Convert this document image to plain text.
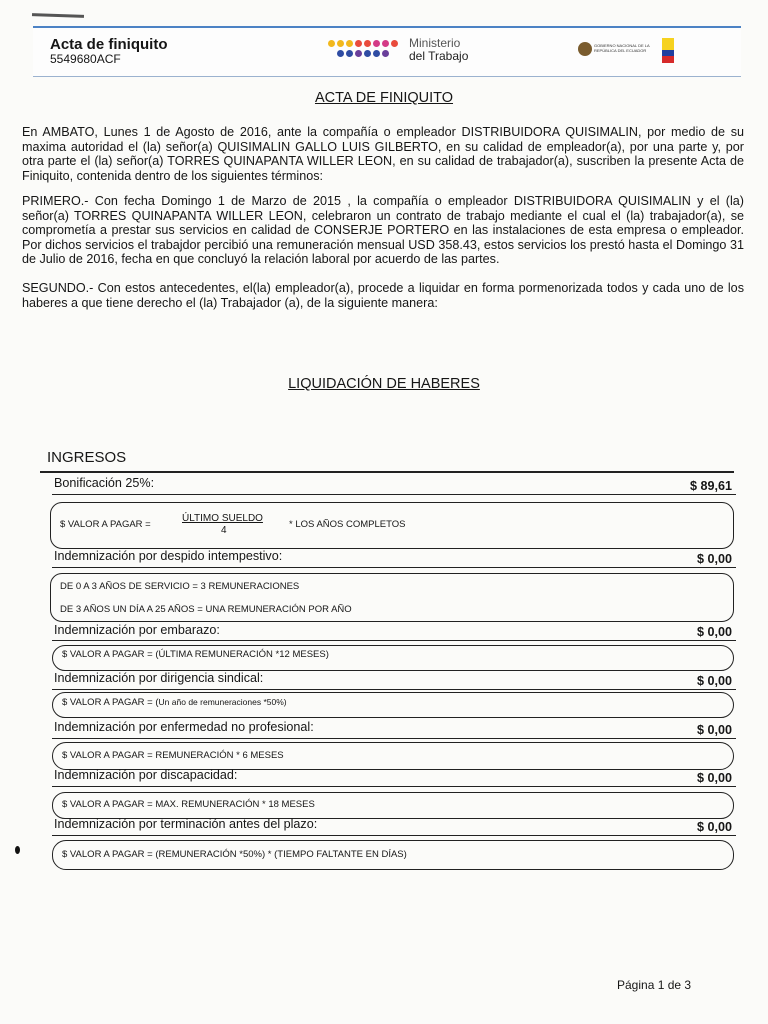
Acta de finiquito
5549680ACF
Ministerio
del Trabajo
GOBIERNO NACIONAL DE LA REPÚBLICA DEL ECUADOR
ACTA DE FINIQUITO
En AMBATO, Lunes 1 de Agosto de 2016, ante la compañía o empleador DISTRIBUIDORA QUISIMALIN, por medio de su maxima autoridad el (la) señor(a) QUISIMALIN GALLO LUIS GILBERTO, en su calidad de empleador(a), por una parte y, por otra parte el (la) señor(a) TORRES QUINAPANTA WILLER LEON, en su calidad de trabajador(a), suscriben la presente Acta de Finiquito, contenida dentro de los siguientes términos:
PRIMERO.- Con fecha Domingo 1 de Marzo de 2015 , la compañía o empleador DISTRIBUIDORA QUISIMALIN y el (la) señor(a) TORRES QUINAPANTA WILLER LEON, celebraron un contrato de trabajo mediante el cual el (la) trabajador(a), se comprometía a prestar sus servicios en calidad de CONSERJE PORTERO en las instalaciones de esta empresa o empleador. Por dichos servicios el trabajdor percibió una remuneración mensual USD 358.43, estos servicios los prestó hasta el Domingo 31 de Julio de 2016, fecha en que concluyó la relación laboral por acuerdo de las partes.
SEGUNDO.- Con estos antecedentes, el(la) empleador(a), procede a liquidar en forma pormenorizada todos y cada uno de los haberes a que tiene derecho el (la) Trabajador (a), de la siguiente manera:
LIQUIDACIÓN DE HABERES
INGRESOS
Bonificación 25%:	$ 89,61
$ VALOR A PAGAR =
ÚLTIMO SUELDO
4
* LOS AÑOS COMPLETOS
Indemnización por despido intempestivo:	$ 0,00
DE 0 A 3 AÑOS DE SERVICIO = 3 REMUNERACIONES
DE 3 AÑOS UN DÍA A 25 AÑOS = UNA REMUNERACIÓN POR AÑO
Indemnización por embarazo:	$ 0,00
$ VALOR A PAGAR = (ÚLTIMA REMUNERACIÓN *12 MESES)
Indemnización por dirigencia sindical:	$ 0,00
$ VALOR A PAGAR = (Un año de remuneraciones *50%)
Indemnización por enfermedad no profesional:	$ 0,00
$ VALOR A PAGAR = REMUNERACIÓN * 6 MESES
Indemnización por discapacidad:	$ 0,00
$ VALOR A PAGAR = MAX. REMUNERACIÓN * 18 MESES
Indemnización por terminación antes del plazo:	$ 0,00
$ VALOR A PAGAR = (REMUNERACIÓN *50%) * (TIEMPO FALTANTE EN DÍAS)
Página 1 de 3
